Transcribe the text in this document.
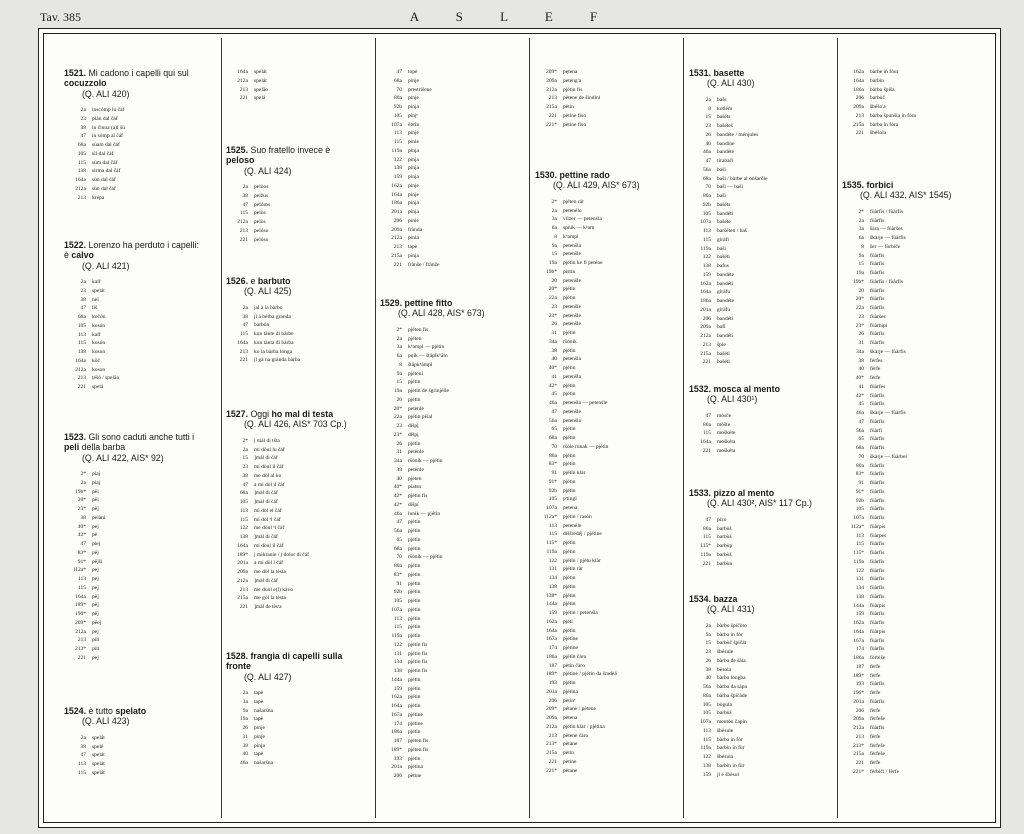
Tav. 385	A S L E F
1521. Mi cadono i capelli qui sul cocuzzolo
(Q. ALI 420)
2a	inscómp lu čáf
23	plán dal čáf
38	in činna (a)l šū
47	in sómp al čáf
68a	sùam dal čáf
105	sìl dal čáf
115	sùm dal čáf
138	sirma dal čáf
164a	sùn dal čáf
212a	sùn dal čáf
213	krépa
1522. Lorenzo ha perduto i capelli: è calvo
(Q. ALI 421)
2a	kalf
23	spelát
38	nel
47	lìš
68a	kočón
105	kosón
113	kalf
115	kosón
138	koson
164a	kōč
212a	koson
213	ṭéšó / spelão
221	spelá
1523. Gli sono caduti anche tutti i peli della barba
(Q. ALI 422, AIS* 92)
2*	pìaj
2a	pìaj
19b*	pēi
20*	pēi
23*	pēj
38	pelàni
40*	pej
42*	pē
47	pìej
83*	pēj
91*	pējši
112a*	pej
113	pej
115	pej
164a	pēj
189*	pēj
196*	pēj
209*	pēej
212a	pej
213	pili
213*	pili
221	pej
1524. è tutto spelato
(Q. ALI 423)
2a	spelát
38	spelé
47	spelát
113	spelát
115	spelát
164a	spelát
212a	spelát
213	spelão
221	spelá
1525. Suo fratello invece è peloso
(Q. ALI 424)
2a	pelòos
38	pelžus
47	pelóros
115	pelòs
212a	pelòs
213	pelóso
221	pelóso
1526. e barbuto
(Q. ALI 425)
2a	jal à la bàrbo
38	jl à bérba granda
47	barbón
115	kun tànte di bàrbe
164a	kun tànta di bàrba
213	ko la bàrba lónga
221	jl gà na grànda bàrba
1527. Oggi ho mal di testa
(Q. ALI 426, AIS* 703 Cp.)
2*	j màl di tšta
2a	mi dōul lu čáf
15	]màl di čáf
23	mi dòul il čáf
38	me dòl al ko
47	a mi dòl il čáf
68a	]màl di čáf
105	]màl di čáf
113	mi dòl el čáf
115	mi dòl ᵉl čáf
122	me dòul ᵉl čáf
138	]màl di čáf
164a	mi dòul il čáf
189*	j mikranìe / j dolor di čáf
201a	a mi dòl l čáf
209a	me dòl la tèsta
212a	]màl di čáf
213	me duòl e(l) kàvo
215a	me gòl la tèsta
221	]màl de tèsᵗa
1528. frangia di capelli sulla fronte
(Q. ALI 427)
2a	tapè
3a	tapè
9a	našaršna
19a	tapè
26	pinje
31	pinje
38	pinja
40	tapè
46a	našaršna
47	topè
68a	pinje
70	prestrišene
80a	pinje
92b	pinja
105	pinjᵉ
107a	ēbrĩn
113	pinje
115	pinie
119a	pinja
122	pinja
138	pinja
159	pinja
162a	pinje
164a	pinje
186a	pinja
201a	pinja
206	pinie
209a	frànda
212a	pinia
213	tapè
215a	pinja
221	frànše / frànže
1529. pettine fitto
(Q. ALI 428, AIS* 673)
2*	pjéten fis
2a	pjéten
3a	kʰampl — pjétin
6a	pņik — štāplkʰām
8	štāpkʰàmpl
9a	pjéteni
15	pjétin
19a	pjétin de šgrinjélle
20	pjétin
20*	petènle
22a	pjétin pišal
23	dišpį
23*	dišpį
26	pjétin
31	petènle
34a	ršónik — pjétin
38	petènle
40	pjéten
40*	piatsn
42*	pjétin fis
42*	dišpí
46a	lunik — pjétin
47	pjétin
56a	pjétin
65	pjétin
68a	pjétin
70	ršónik — pjétin
80a	pjétin
83*	pjétin
91	pjétin
92b	pjétin
105	pjétin
107a	pjétin
113	pjétin
115	pjétin
119a	pjétin
122	pjétin fis
131	pjétin fis
134	pjétin fis
138	pjétin fis
144a	pjétin
159	pjétin
162a	pjétin
164a	pjétin
167a	pjétine
174	pjétine
186a	pjétin
187	pjéten fis
189*	pjéten fis
193	pjétin
201a	pjétina
206	pètine
209*	pętena
209a	peteng'a
212a	pjétin fis
213	pètene de šindini
215a	pètin
221	pètine fiso
221*	pètine fiso
1530. pettine rado
(Q. ALI 429, AIS* 673)
2*	pjéten rár
2a	petenélo
3a	vilzer — petenśla
6a	spnik — kʰam
8	kʰampl
9a	petenšla
15	petenšle
19a	pjétin ke fi peténe
19b*	pistin
20	petenšle
20*	pjétin
22a	pjétin
23	petenšle
23*	petenšle
26	petenšle
31	pjétin
34a	ršónik
38	pjétin
40	petenšla
40*	pjétin
41	petenšla
42*	pjétin
45	pjétin
46a	petenśla — petenśle
47	petenšle
56a	petenšla
65	pjétin
68a	pjétin
70	ršóle rùnak — pjétin
80a	pjétin
83*	pjétin
91	pjétin klàr
91*	pjétin
92b	pjétin
105	pᶦtingl
107a	petena
112a*	pjétin / rasòn
113	petenéle
115	diššredéj / pjétine
115*	pjétin
119a	pjétin
122	pjétin / pjétu klàr
131	pjétin ràr
134	pjétin
138	pjétin
138*	pjétin
144a	pjétin
159	pjétin / petenśla
162a	pjéti
164a	pjétin
167a	pjétine
174	pjétine
186a	pjétin čàro
187	pètin čàro
189*	pjétine / pjétin da šradèá
193	pjétin
201a	pjétina
206	pètinᵉ
209*	pétane / pètene
209a	pètena
212a	pjétin klàr / pjétina
213	pètene čàro
213*	pètane
215a	pètin
221	pètine
221*	pètane
1531. basette
(Q. ALI 430)
2a	bašs
8	kotlém
15	bašéts
23	bašéteš
26	bandéte / ménjules
40	bandine
46a	bandéte
47	tirabàči
56a	baši
68a	baši / bàrbe al onšarčle
70	baši — baši
80a	baši
92b	bašéts
105	bandéti
107a	bašéte
113	baršéten / baš
115	giràfi
119a	baši
122	bašéti
138	bafus
159	bandéte
162a	bandéti
164a	giràfu
186a	bandéte
201a	giràfu
206	bandéti
209a	bafi
212a	bandéti
213	špie
215a	bašéti
221	bašéti
1532. mosca al mento
(Q. ALI 430¹)
47	mòsče
80a	mòšte
115	moškéte
164a	moškéta
221	moškéta
1533. pizzo al mento
(Q. ALI 430², AIS* 117 Cp.)
47	pìzo
80a	barbùš
115	barbùš
115*	barbùp
119a	barbùš
221	barbùn
1534. bazza
(Q. ALI 431)
2a	bàrbo špičòto
9a	bàrba in fòr
15	barbùč špičát
23	šbésule
26	bàrba de šàla
38	bèsola
40	bàrba lóngba
56a	bàrba da sàpa
80a	bàrba špičàde
105	bògula
105	barbùš
107a	mentòn čapìn
113	šbèsule
115	bàrba in fòr
119a	barbin in fùr
122	šbèsula
138	barbin in fùr
159	jl é šbèsol
162a	bàrbe in fòur
164a	barbin
186a	bàrba špiša
206	barbùč
209a	šbéšo'a
213	bàrba špunšia in fòra
215a	bàrba in fòra
221	šbèšola
1535. forbici
(Q. ALI 432, AIS* 1545)
2*	fùàrfis / fùàrfis
2a	fùàrfis
3a	šàra — fùàršes
6a	škàrje — fùàrfis
8	šer — fòrbiče
9a	fùàrfis
15	fùàrfis
19a	fùàrfis
19b*	fùàrfis / fùàrfis
20	fùàrfis
20*	fùàrfis
22a	fùàrfis
23	fùàršes
23*	fùàrbipi
26	fùàrfis
31	fùàrfis
34a	škàrje — fùàrfis
38	fèrfes
40	fèrfe
40*	fèrfe
41	fùàrfes
42*	fùàrfis
45	fùàrfis
46a	škàrje — fùàrfis
47	fùàrfis
56a	fùàrfi
65	fùàrfis
68a	fùàrfis
70	škàrje — fùàrbei
80a	fùàrfis
83*	fùàrfis
91	fùàrfis
91*	fùàrfis
92b	fùàrfis
105	fùàrfis
107a	fùàrfis
112a*	fùàrpis
113	fùàrpes
115	fùàrfis
115*	fùàrfis
119a	fùàrfis
122	fùàrfis
131	fùàrfis
134	fùàrfis
138	fùàrfis
144a	fùàrpis
159	fùàrfis
162a	fùàrfis
164a	fùàrpis
167a	fùàrfis
174	fùàrfis
186a	fòrbiše
187	fèrfe
189*	fèrfe
193	fùàrfis
196*	fèrfe
201a	fùàrfis
206	fèrfe
209a	fèrfeše
212a	fùàrfis
213	fèrfe
213*	fèrfeše
215a	fèrfeše
221	fèrfe
221*	fèrbiči / fèrfe
